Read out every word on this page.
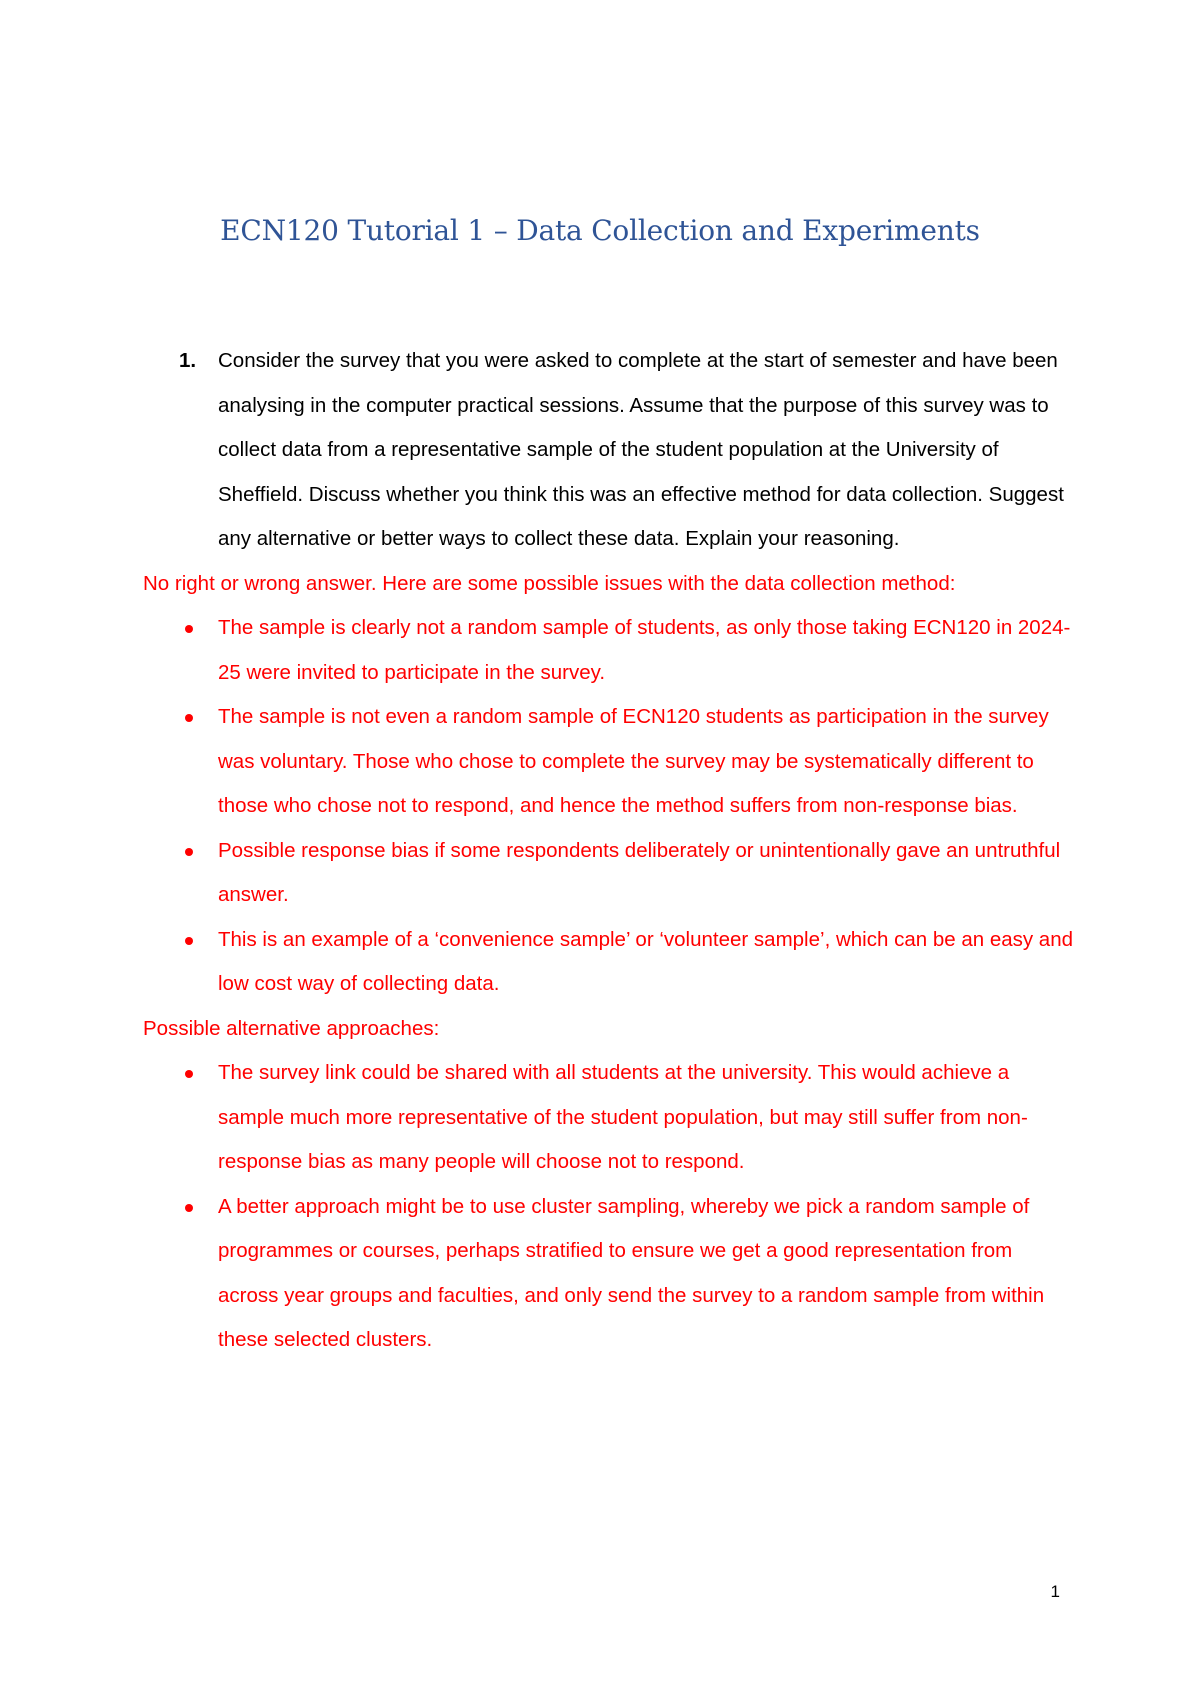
ECN120 Tutorial 1 – Data Collection and Experiments
1.	Consider the survey that you were asked to complete at the start of semester and have been analysing in the computer practical sessions. Assume that the purpose of this survey was to collect data from a representative sample of the student population at the University of Sheffield. Discuss whether you think this was an effective method for data collection. Suggest any alternative or better ways to collect these data. Explain your reasoning.

No right or wrong answer. Here are some possible issues with the data collection method:

The sample is clearly not a random sample of students, as only those taking ECN120 in 2024-25 were invited to participate in the survey.
The sample is not even a random sample of ECN120 students as participation in the survey was voluntary. Those who chose to complete the survey may be systematically different to those who chose not to respond, and hence the method suffers from non-response bias.
Possible response bias if some respondents deliberately or unintentionally gave an untruthful answer.
This is an example of a ‘convenience sample’ or ‘volunteer sample’, which can be an easy and low cost way of collecting data.

Possible alternative approaches:

The survey link could be shared with all students at the university. This would achieve a sample much more representative of the student population, but may still suffer from non-response bias as many people will choose not to respond.
A better approach might be to use cluster sampling, whereby we pick a random sample of programmes or courses, perhaps stratified to ensure we get a good representation from across year groups and faculties, and only send the survey to a random sample from within these selected clusters.
1
